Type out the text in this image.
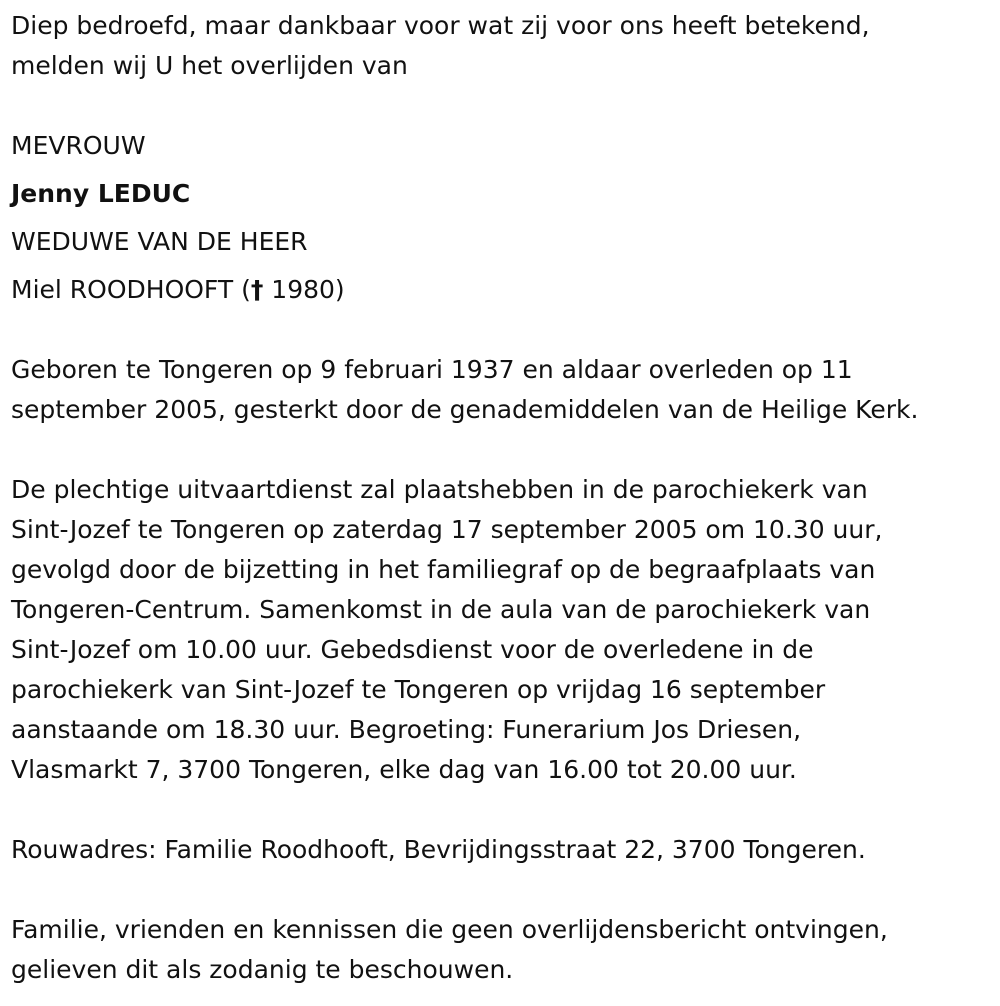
Diep bedroefd, maar dankbaar voor wat zij voor ons heeft betekend,
melden wij U het overlijden van
MEVROUW
Jenny LEDUC
WEDUWE VAN DE HEER
Miel ROODHOOFT († 1980)
Geboren te Tongeren op 9 februari 1937 en aldaar overleden op 11
september 2005, gesterkt door de genademiddelen van de Heilige Kerk.
De plechtige uitvaartdienst zal plaatshebben in de parochiekerk van
Sint-Jozef te Tongeren op zaterdag 17 september 2005 om 10.30 uur,
gevolgd door de bijzetting in het familiegraf op de begraafplaats van
Tongeren-Centrum. Samenkomst in de aula van de parochiekerk van
Sint-Jozef om 10.00 uur. Gebedsdienst voor de overledene in de
parochiekerk van Sint-Jozef te Tongeren op vrijdag 16 september
aanstaande om 18.30 uur. Begroeting: Funerarium Jos Driesen,
Vlasmarkt 7, 3700 Tongeren, elke dag van 16.00 tot 20.00 uur.
Rouwadres: Familie Roodhooft, Bevrijdingsstraat 22, 3700 Tongeren.
Familie, vrienden en kennissen die geen overlijdensbericht ontvingen,
gelieven dit als zodanig te beschouwen.
